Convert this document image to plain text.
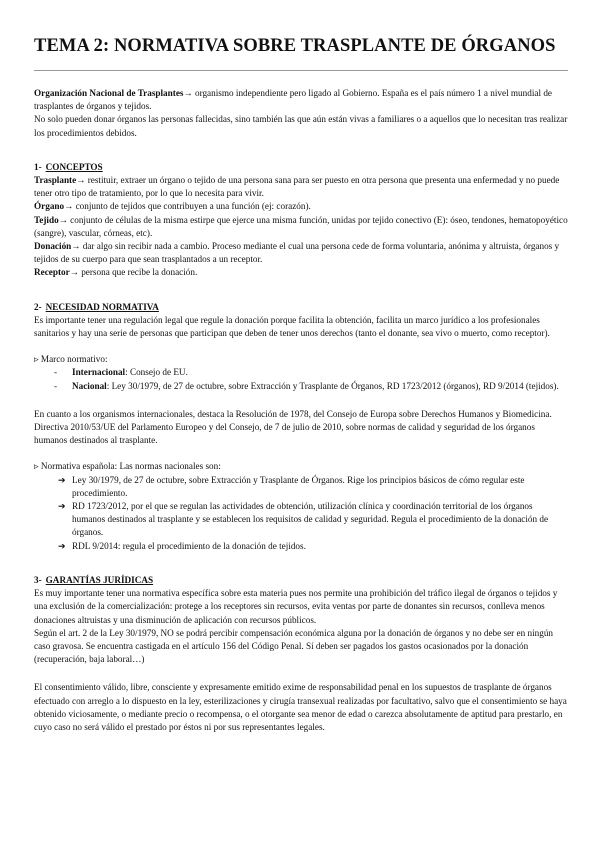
TEMA 2: NORMATIVA SOBRE TRASPLANTE DE ÓRGANOS

Organización Nacional de Trasplantes→ organismo independiente pero ligado al Gobierno. España es el país número 1 a nivel mundial de trasplantes de órganos y tejidos.

No solo pueden donar órganos las personas fallecidas, sino también las que aún están vivas a familiares o a aquellos que lo necesitan tras realizar los procedimientos debidos.

1- CONCEPTOS

Trasplante→ restituir, extraer un órgano o tejido de una persona sana para ser puesto en otra persona que presenta una enfermedad y no puede tener otro tipo de tratamiento, por lo que lo necesita para vivir.

Órgano→ conjunto de tejidos que contribuyen a una función (ej: corazón).

Tejido→ conjunto de células de la misma estirpe que ejerce una misma función, unidas por tejido conectivo (E): óseo, tendones, hematopoyético (sangre), vascular, córneas, etc).

Donación→ dar algo sin recibir nada a cambio. Proceso mediante el cual una persona cede de forma voluntaria, anónima y altruista, órganos y tejidos de su cuerpo para que sean trasplantados a un receptor.

Receptor→ persona que recibe la donación.

2- NECESIDAD NORMATIVA

Es importante tener una regulación legal que regule la donación porque facilita la obtención, facilita un marco jurídico a los profesionales sanitarios y hay una serie de personas que participan que deben de tener unos derechos (tanto el donante, sea vivo o muerto, como receptor).

▹ Marco normativo:

- Internacional: Consejo de EU.
- Nacional: Ley 30/1979, de 27 de octubre, sobre Extracción y Trasplante de Órganos, RD 1723/2012 (órganos), RD 9/2014 (tejidos).

En cuanto a los organismos internacionales, destaca la Resolución de 1978, del Consejo de Europa sobre Derechos Humanos y Biomedicina.

Directiva 2010/53/UE del Parlamento Europeo y del Consejo, de 7 de julio de 2010, sobre normas de calidad y seguridad de los órganos humanos destinados al trasplante.

▹ Normativa española: Las normas nacionales son:

➔ Ley 30/1979, de 27 de octubre, sobre Extracción y Trasplante de Órganos. Rige los principios básicos de cómo regular este procedimiento.
➔ RD 1723/2012, por el que se regulan las actividades de obtención, utilización clínica y coordinación territorial de los órganos humanos destinados al trasplante y se establecen los requisitos de calidad y seguridad. Regula el procedimiento de la donación de órganos.
➔ RDL 9/2014: regula el procedimiento de la donación de tejidos.
3- GARANTÍAS JURÍDICAS

Es muy importante tener una normativa específica sobre esta materia pues nos permite una prohibición del tráfico ilegal de órganos o tejidos y una exclusión de la comercialización: protege a los receptores sin recursos, evita ventas por parte de donantes sin recursos, conlleva menos donaciones altruistas y una disminución de aplicación con recursos públicos.

Según el art. 2 de la Ley 30/1979, NO se podrá percibir compensación económica alguna por la donación de órganos y no debe ser en ningún caso gravosa. Se encuentra castigada en el artículo 156 del Código Penal. Sí deben ser pagados los gastos ocasionados por la donación (recuperación, baja laboral…)

El consentimiento válido, libre, consciente y expresamente emitido exime de responsabilidad penal en los supuestos de trasplante de órganos efectuado con arreglo a lo dispuesto en la ley, esterilizaciones y cirugía transexual realizadas por facultativo, salvo que el consentimiento se haya obtenido viciosamente, o mediante precio o recompensa, o el otorgante sea menor de edad o carezca absolutamente de aptitud para prestarlo, en cuyo caso no será válido el prestado por éstos ni por sus representantes legales.
